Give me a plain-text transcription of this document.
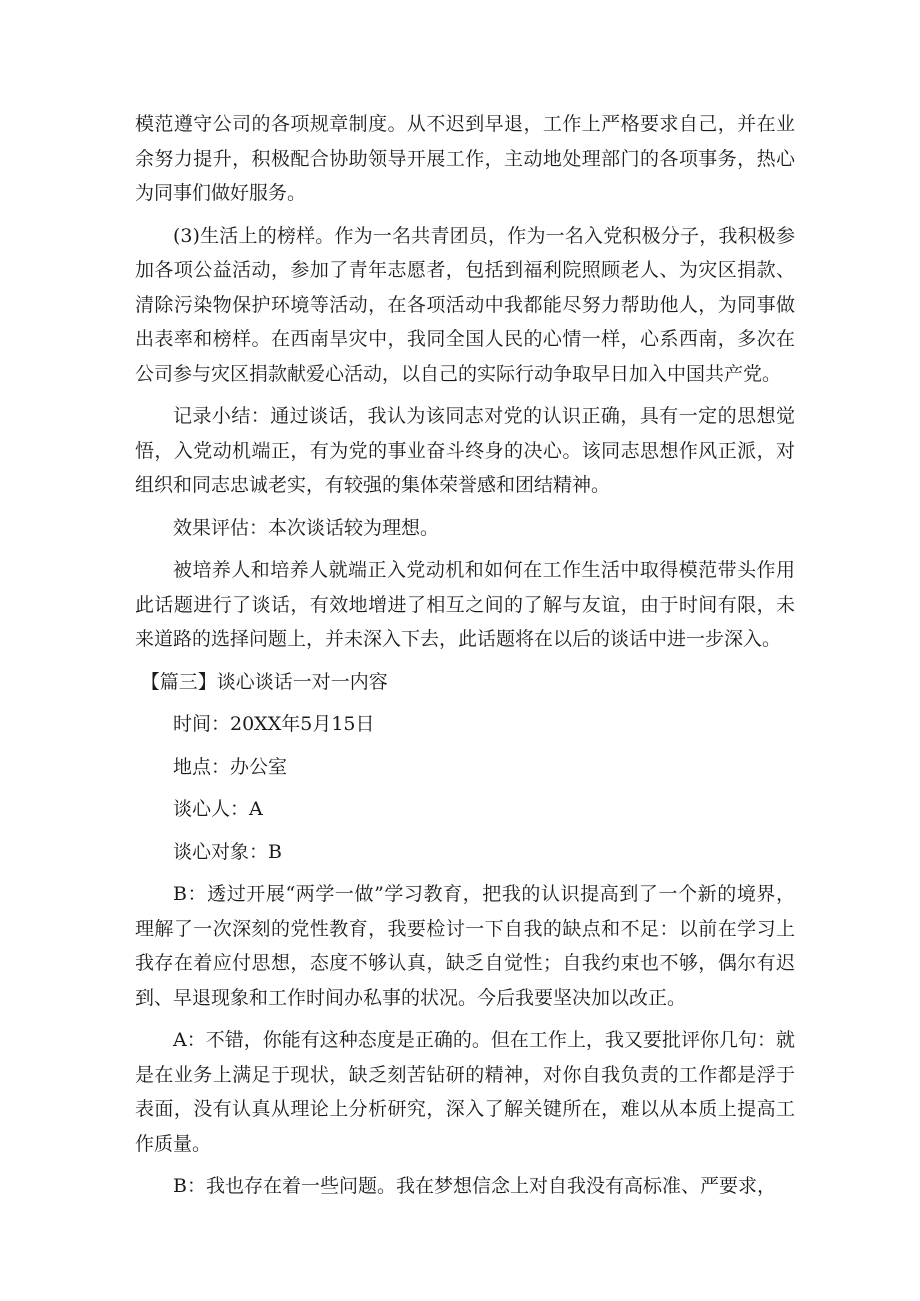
模范遵守公司的各项规章制度。从不迟到早退，工作上严格要求自己，并在业余努力提升，积极配合协助领导开展工作，主动地处理部门的各项事务，热心为同事们做好服务。

(3)生活上的榜样。作为一名共青团员，作为一名入党积极分子，我积极参加各项公益活动，参加了青年志愿者，包括到福利院照顾老人、为灾区捐款、清除污染物保护环境等活动，在各项活动中我都能尽努力帮助他人，为同事做出表率和榜样。在西南旱灾中，我同全国人民的心情一样，心系西南，多次在公司参与灾区捐款献爱心活动，以自己的实际行动争取早日加入中国共产党。

记录小结：通过谈话，我认为该同志对党的认识正确，具有一定的思想觉悟，入党动机端正，有为党的事业奋斗终身的决心。该同志思想作风正派，对组织和同志忠诚老实，有较强的集体荣誉感和团结精神。

效果评估：本次谈话较为理想。

被培养人和培养人就端正入党动机和如何在工作生活中取得模范带头作用此话题进行了谈话，有效地增进了相互之间的了解与友谊，由于时间有限，未来道路的选择问题上，并未深入下去，此话题将在以后的谈话中进一步深入。

【篇三】谈心谈话一对一内容

时间：20XX年5月15日

地点：办公室

谈心人：A

谈心对象：B

B：透过开展“两学一做”学习教育，把我的认识提高到了一个新的境界，理解了一次深刻的党性教育，我要检讨一下自我的缺点和不足：以前在学习上我存在着应付思想，态度不够认真，缺乏自觉性；自我约束也不够，偶尔有迟到、早退现象和工作时间办私事的状况。今后我要坚决加以改正。

A：不错，你能有这种态度是正确的。但在工作上，我又要批评你几句：就是在业务上满足于现状，缺乏刻苦钻研的精神，对你自我负责的工作都是浮于表面，没有认真从理论上分析研究，深入了解关键所在，难以从本质上提高工作质量。

B：我也存在着一些问题。我在梦想信念上对自我没有高标准、严要求，
